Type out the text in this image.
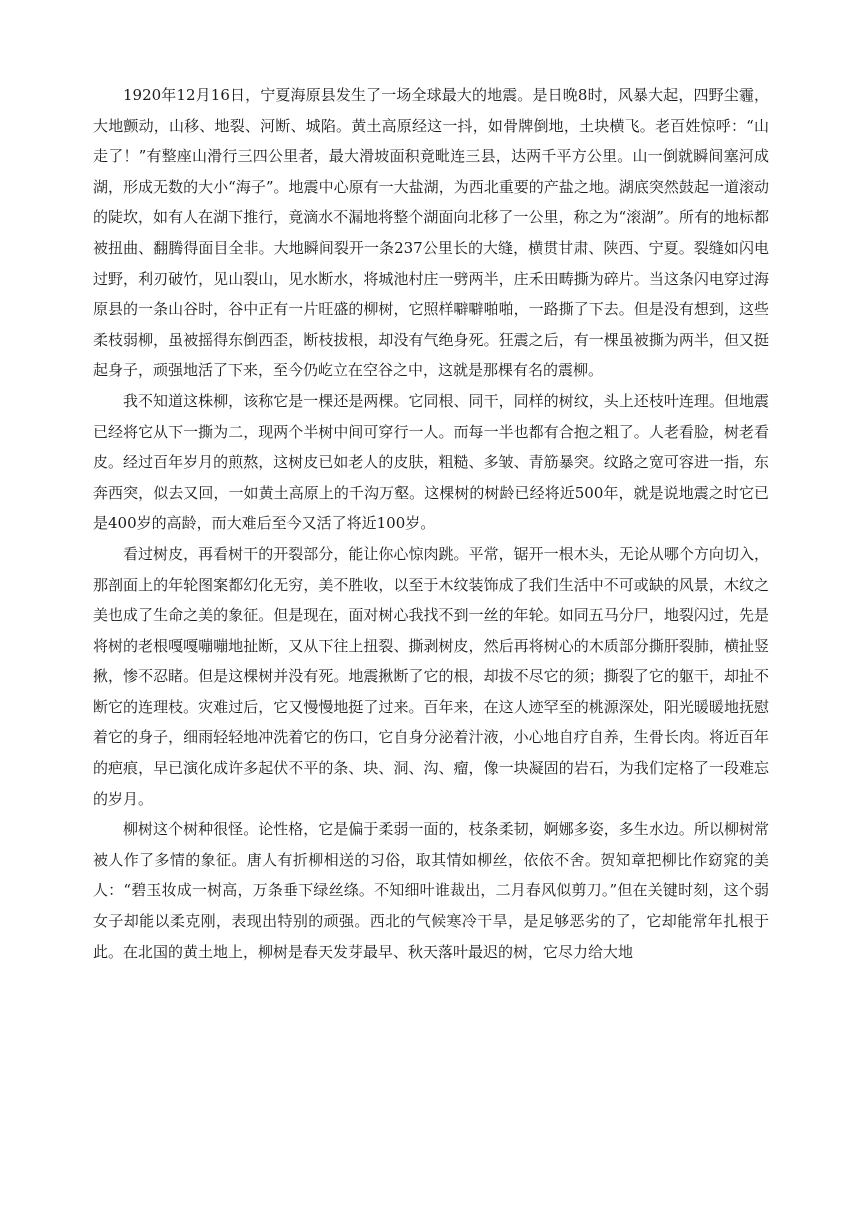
1920年12月16日，宁夏海原县发生了一场全球最大的地震。是日晚8时，风暴大起，四野尘霾，大地颤动，山移、地裂、河断、城陷。黄土高原经这一抖，如骨牌倒地，土块横飞。老百姓惊呼：“山走了！”有整座山滑行三四公里者，最大滑坡面积竟毗连三县，达两千平方公里。山一倒就瞬间塞河成湖，形成无数的大小“海子”。地震中心原有一大盐湖，为西北重要的产盐之地。湖底突然鼓起一道滚动的陡坎，如有人在湖下推行，竟滴水不漏地将整个湖面向北移了一公里，称之为“滚湖”。所有的地标都被扭曲、翻腾得面目全非。大地瞬间裂开一条237公里长的大缝，横贯甘肃、陕西、宁夏。裂缝如闪电过野，利刃破竹，见山裂山，见水断水，将城池村庄一劈两半，庄禾田畴撕为碎片。当这条闪电穿过海原县的一条山谷时，谷中正有一片旺盛的柳树，它照样噼噼啪啪，一路撕了下去。但是没有想到，这些柔枝弱柳，虽被摇得东倒西歪，断枝拔根，却没有气绝身死。狂震之后，有一棵虽被撕为两半，但又挺起身子，顽强地活了下来，至今仍屹立在空谷之中，这就是那棵有名的震柳。

我不知道这株柳，该称它是一棵还是两棵。它同根、同干，同样的树纹，头上还枝叶连理。但地震已经将它从下一撕为二，现两个半树中间可穿行一人。而每一半也都有合抱之粗了。人老看脸，树老看皮。经过百年岁月的煎熬，这树皮已如老人的皮肤，粗糙、多皱、青筋暴突。纹路之宽可容进一指，东奔西突，似去又回，一如黄土高原上的千沟万壑。这棵树的树龄已经将近500年，就是说地震之时它已是400岁的高龄，而大难后至今又活了将近100岁。

看过树皮，再看树干的开裂部分，能让你心惊肉跳。平常，锯开一根木头，无论从哪个方向切入，那剖面上的年轮图案都幻化无穷，美不胜收，以至于木纹装饰成了我们生活中不可或缺的风景，木纹之美也成了生命之美的象征。但是现在，面对树心我找不到一丝的年轮。如同五马分尸，地裂闪过，先是将树的老根嘎嘎嘣嘣地扯断，又从下往上扭裂、撕剥树皮，然后再将树心的木质部分撕肝裂肺，横扯竖揪，惨不忍睹。但是这棵树并没有死。地震揪断了它的根，却拔不尽它的须；撕裂了它的躯干，却扯不断它的连理枝。灾难过后，它又慢慢地挺了过来。百年来，在这人迹罕至的桃源深处，阳光暖暖地抚慰着它的身子，细雨轻轻地冲洗着它的伤口，它自身分泌着汁液，小心地自疗自养，生骨长肉。将近百年的疤痕，早已演化成许多起伏不平的条、块、洞、沟、瘤，像一块凝固的岩石，为我们定格了一段难忘的岁月。

柳树这个树种很怪。论性格，它是偏于柔弱一面的，枝条柔韧，婀娜多姿，多生水边。所以柳树常被人作了多情的象征。唐人有折柳相送的习俗，取其情如柳丝，依依不舍。贺知章把柳比作窈窕的美人：“碧玉妆成一树高，万条垂下绿丝绦。不知细叶谁裁出，二月春风似剪刀。”但在关键时刻，这个弱女子却能以柔克刚，表现出特别的顽强。西北的气候寒冷干旱，是足够恶劣的了，它却能常年扎根于此。在北国的黄土地上，柳树是春天发芽最早、秋天落叶最迟的树，它尽力给大地
